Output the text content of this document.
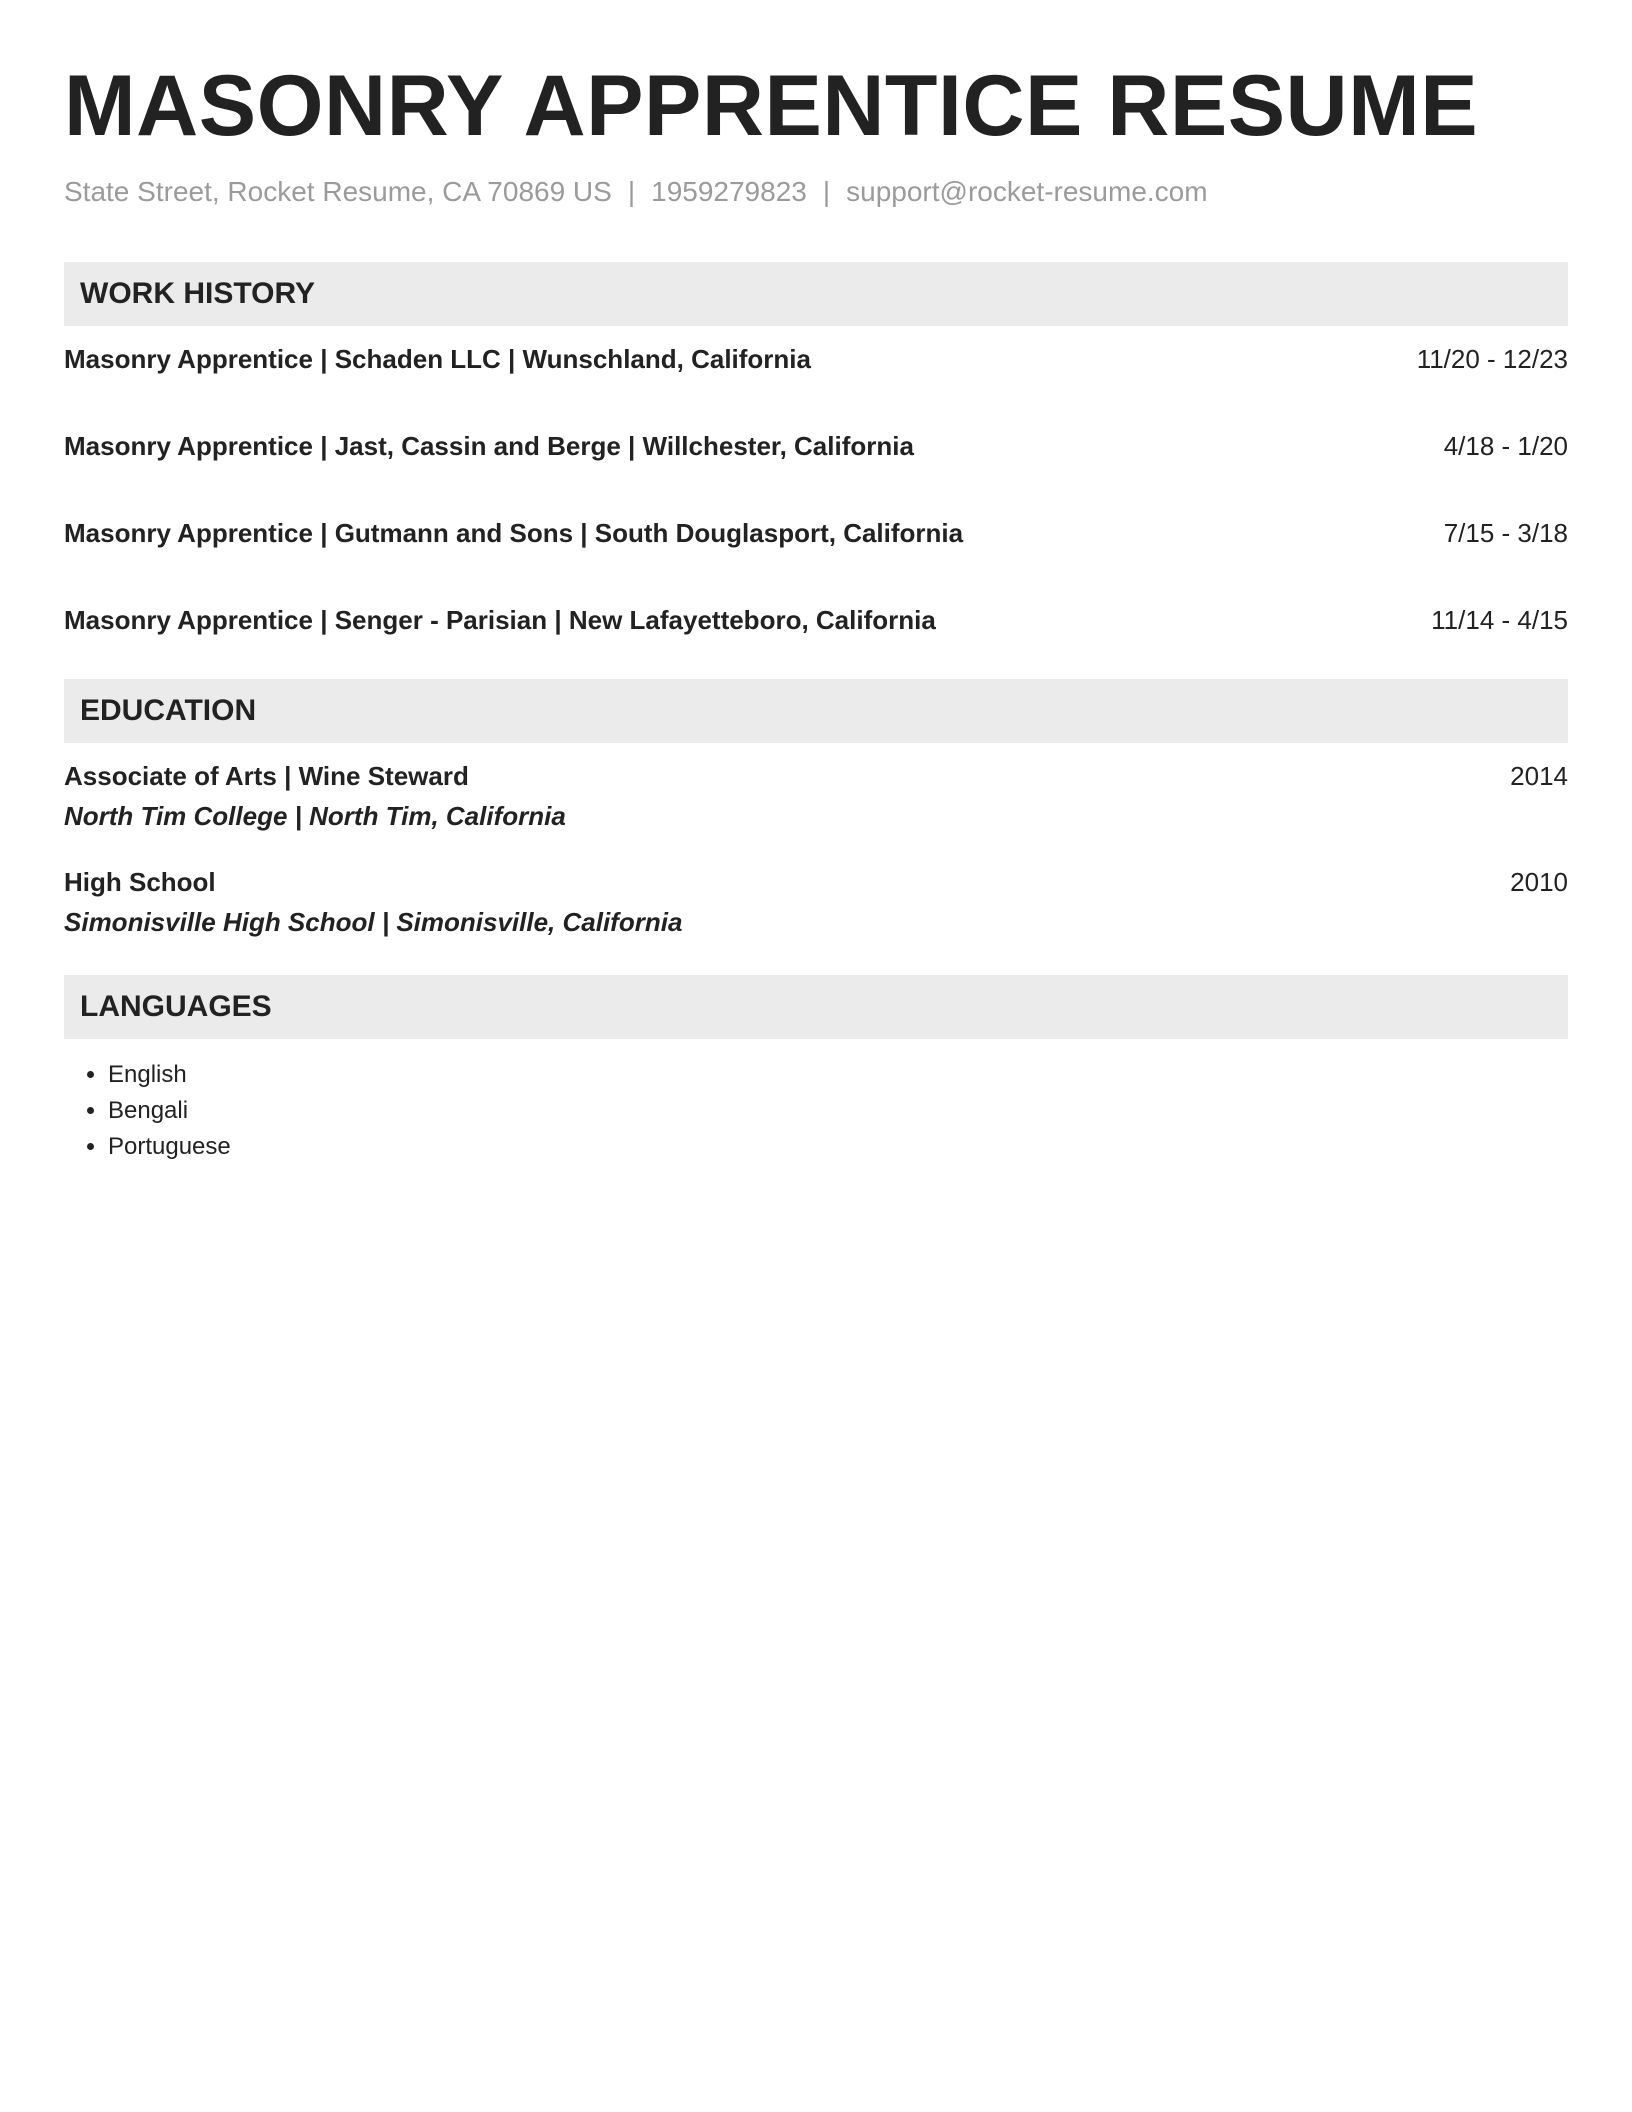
MASONRY APPRENTICE RESUME
State Street, Rocket Resume, CA 70869 US | 1959279823 | support@rocket-resume.com
WORK HISTORY
Masonry Apprentice | Schaden LLC | Wunschland, California	11/20 - 12/23
Masonry Apprentice | Jast, Cassin and Berge | Willchester, California	4/18 - 1/20
Masonry Apprentice | Gutmann and Sons | South Douglasport, California	7/15 - 3/18
Masonry Apprentice | Senger - Parisian | New Lafayetteboro, California	11/14 - 4/15
EDUCATION
Associate of Arts | Wine Steward	2014
North Tim College | North Tim, California
High School	2010
Simonisville High School | Simonisville, California
LANGUAGES
• English
• Bengali
• Portuguese
